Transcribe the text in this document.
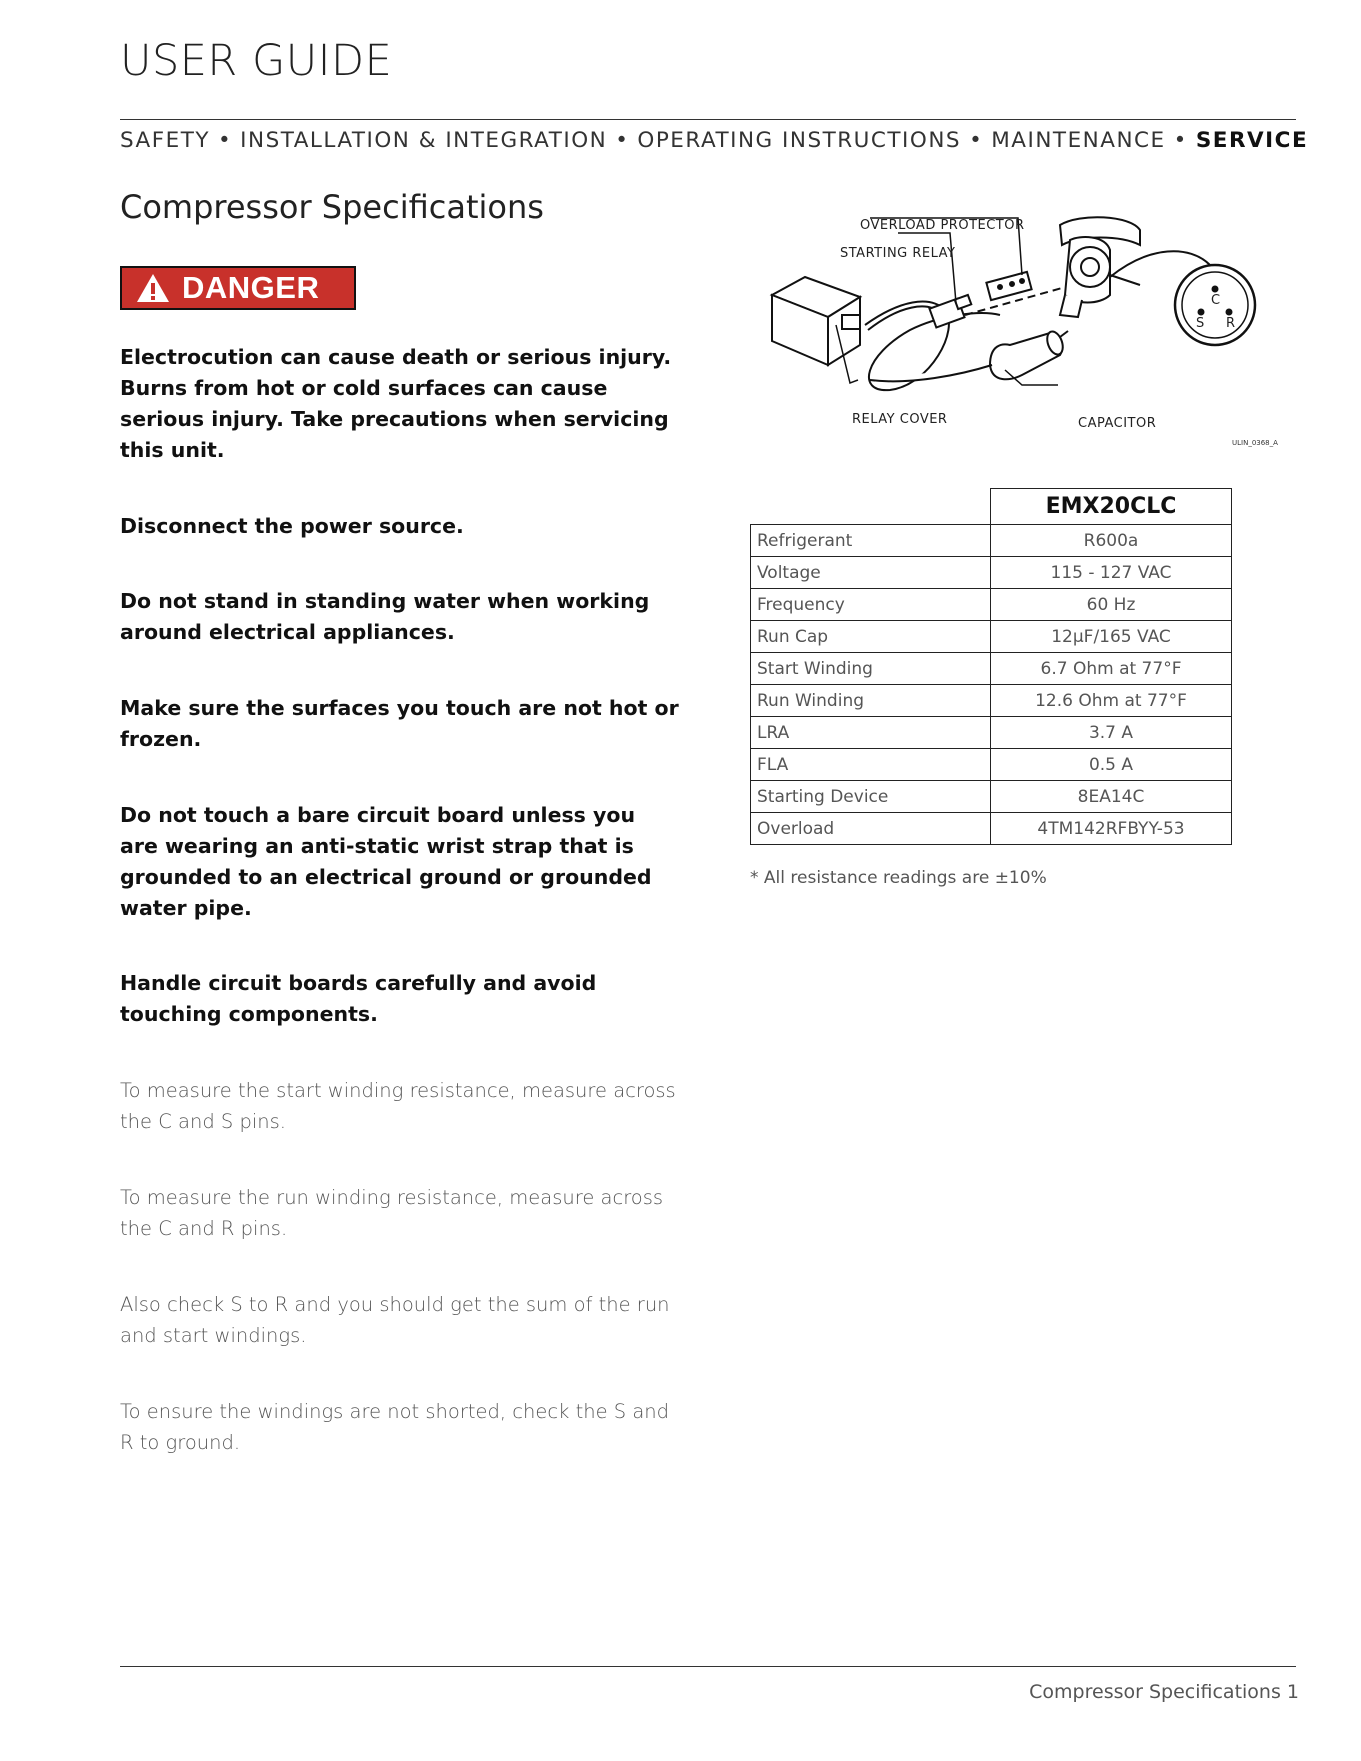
USER GUIDE
SAFETY • INSTALLATION & INTEGRATION • OPERATING INSTRUCTIONS • MAINTENANCE • SERVICE
Compressor Specifications
DANGER

Electrocution can cause death or serious injury. Burns from hot or cold surfaces can cause serious injury. Take precautions when servicing this unit.

Disconnect the power source.

Do not stand in standing water when working around electrical appliances.

Make sure the surfaces you touch are not hot or frozen.

Do not touch a bare circuit board unless you are wearing an anti-static wrist strap that is grounded to an electrical ground or grounded water pipe.

Handle circuit boards carefully and avoid touching components.

To measure the start winding resistance, measure across the C and S pins.

To measure the run winding resistance, measure across the C and R pins.

Also check S to R and you should get the sum of the run and start windings.

To ensure the windings are not shorted, check the S and R to ground.

C
S R
OVERLOAD PROTECTOR
STARTING RELAY
RELAY COVER	CAPACITOR
ULIN_0368_A
	EMX20CLC
Refrigerant	R600a
Voltage	115 - 127 VAC
Frequency	60 Hz
Run Cap	12µF/165 VAC
Start Winding	6.7 Ohm at 77°F
Run Winding	12.6 Ohm at 77°F
LRA	3.7 A
FLA	0.5 A
Starting Device	8EA14C
Overload	4TM142RFBYY-53
* All resistance readings are ±10%
Compressor Specifications 1
